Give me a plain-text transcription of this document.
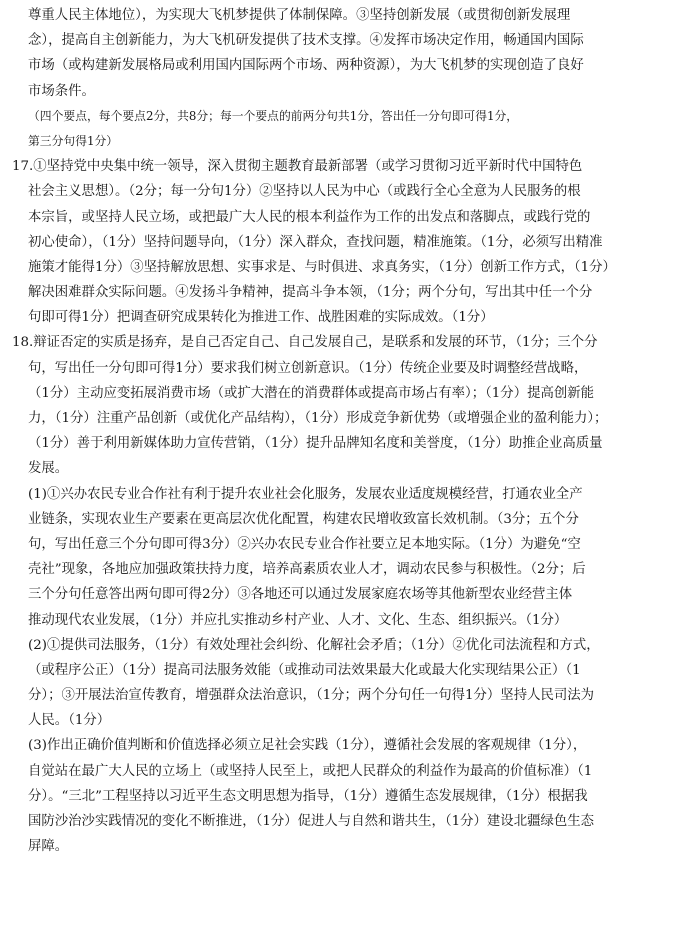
尊重人民主体地位），为实现大飞机梦提供了体制保障。③坚持创新发展（或贯彻创新发展理
念），提高自主创新能力，为大飞机研发提供了技术支撑。④发挥市场决定作用，畅通国内国际
市场（或构建新发展格局或利用国内国际两个市场、两种资源），为大飞机梦的实现创造了良好
市场条件。
（四个要点，每个要点2分，共8分；每一个要点的前两分句共1分，答出任一分句即可得1分，
第三分句得1分）
17.①坚持党中央集中统一领导，深入贯彻主题教育最新部署（或学习贯彻习近平新时代中国特色
社会主义思想）。（2分；每一分句1分）②坚持以人民为中心（或践行全心全意为人民服务的根
本宗旨，或坚持人民立场，或把最广大人民的根本利益作为工作的出发点和落脚点，或践行党的
初心使命），（1分）坚持问题导向，（1分）深入群众，查找问题，精准施策。（1分，必须写出精准
施策才能得1分）③坚持解放思想、实事求是、与时俱进、求真务实，（1分）创新工作方式，（1分）
解决困难群众实际问题。④发扬斗争精神，提高斗争本领，（1分；两个分句，写出其中任一个分
句即可得1分）把调查研究成果转化为推进工作、战胜困难的实际成效。（1分）
18.辩证否定的实质是扬弃，是自己否定自己、自己发展自己，是联系和发展的环节，（1分；三个分
句，写出任一分句即可得1分）要求我们树立创新意识。（1分）传统企业要及时调整经营战略，
（1分）主动应变拓展消费市场（或扩大潜在的消费群体或提高市场占有率）；（1分）提高创新能
力，（1分）注重产品创新（或优化产品结构），（1分）形成竞争新优势（或增强企业的盈利能力）；
（1分）善于利用新媒体助力宣传营销，（1分）提升品牌知名度和美誉度，（1分）助推企业高质量
发展。
(1)①兴办农民专业合作社有利于提升农业社会化服务，发展农业适度规模经营，打通农业全产
业链条，实现农业生产要素在更高层次优化配置，构建农民增收致富长效机制。（3分；五个分
句，写出任意三个分句即可得3分）②兴办农民专业合作社要立足本地实际。（1分）为避免“空
壳社”现象，各地应加强政策扶持力度，培养高素质农业人才，调动农民参与积极性。（2分；后
三个分句任意答出两句即可得2分）③各地还可以通过发展家庭农场等其他新型农业经营主体
推动现代农业发展，（1分）并应扎实推动乡村产业、人才、文化、生态、组织振兴。（1分）
(2)①提供司法服务，（1分）有效处理社会纠纷、化解社会矛盾；（1分）②优化司法流程和方式，
（或程序公正）（1分）提高司法服务效能（或推动司法效果最大化或最大化实现结果公正）（1
分）；③开展法治宣传教育，增强群众法治意识，（1分；两个分句任一句得1分）坚持人民司法为
人民。（1分）
(3)作出正确价值判断和价值选择必须立足社会实践（1分），遵循社会发展的客观规律（1分），
自觉站在最广大人民的立场上（或坚持人民至上，或把人民群众的利益作为最高的价值标准）（1
分）。“三北”工程坚持以习近平生态文明思想为指导，（1分）遵循生态发展规律，（1分）根据我
国防沙治沙实践情况的变化不断推进，（1分）促进人与自然和谐共生，（1分）建设北疆绿色生态
屏障。
